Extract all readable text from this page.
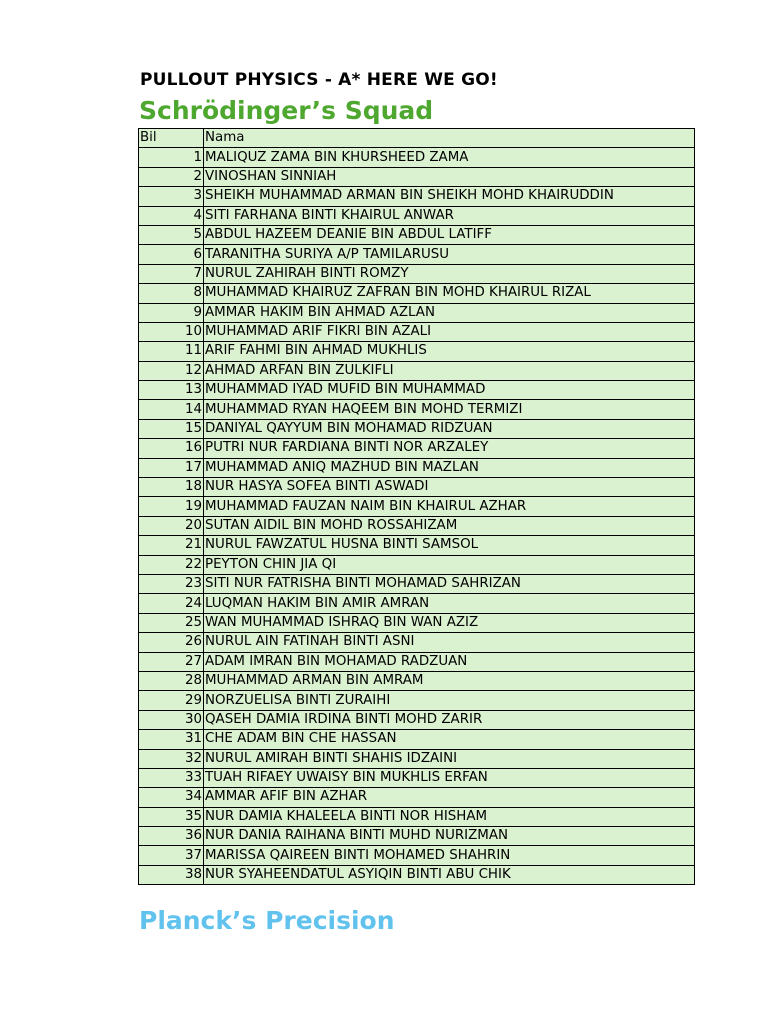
PULLOUT PHYSICS - A* HERE WE GO!
Schrödinger’s Squad
Bil	Nama
1	MALIQUZ ZAMA BIN KHURSHEED ZAMA
2	VINOSHAN SINNIAH
3	SHEIKH MUHAMMAD ARMAN BIN SHEIKH MOHD KHAIRUDDIN
4	SITI FARHANA BINTI KHAIRUL ANWAR
5	ABDUL HAZEEM DEANIE BIN ABDUL LATIFF
6	TARANITHA SURIYA A/P TAMILARUSU
7	NURUL ZAHIRAH BINTI ROMZY
8	MUHAMMAD KHAIRUZ ZAFRAN BIN MOHD KHAIRUL RIZAL
9	AMMAR HAKIM BIN AHMAD AZLAN
10	MUHAMMAD ARIF FIKRI BIN AZALI
11	ARIF FAHMI BIN AHMAD MUKHLIS
12	AHMAD ARFAN BIN ZULKIFLI
13	MUHAMMAD IYAD MUFID BIN MUHAMMAD
14	MUHAMMAD RYAN HAQEEM BIN MOHD TERMIZI
15	DANIYAL QAYYUM BIN MOHAMAD RIDZUAN
16	PUTRI NUR FARDIANA BINTI NOR ARZALEY
17	MUHAMMAD ANIQ MAZHUD BIN MAZLAN
18	NUR HASYA SOFEA BINTI ASWADI
19	MUHAMMAD FAUZAN NAIM BIN KHAIRUL AZHAR
20	SUTAN AIDIL BIN MOHD ROSSAHIZAM
21	NURUL FAWZATUL HUSNA BINTI SAMSOL
22	PEYTON CHIN JIA QI
23	SITI NUR FATRISHA BINTI MOHAMAD SAHRIZAN
24	LUQMAN HAKIM BIN AMIR AMRAN
25	WAN MUHAMMAD ISHRAQ BIN WAN AZIZ
26	NURUL AIN FATINAH BINTI ASNI
27	ADAM IMRAN BIN MOHAMAD RADZUAN
28	MUHAMMAD ARMAN BIN AMRAM
29	NORZUELISA BINTI ZURAIHI
30	QASEH DAMIA IRDINA BINTI MOHD ZARIR
31	CHE ADAM BIN CHE HASSAN
32	NURUL AMIRAH BINTI SHAHIS IDZAINI
33	TUAH RIFAEY UWAISY BIN MUKHLIS ERFAN
34	AMMAR AFIF BIN AZHAR
35	NUR DAMIA KHALEELA BINTI NOR HISHAM
36	NUR DANIA RAIHANA BINTI MUHD NURIZMAN
37	MARISSA QAIREEN BINTI MOHAMED SHAHRIN
38	NUR SYAHEENDATUL ASYIQIN BINTI ABU CHIK
Planck’s Precision
